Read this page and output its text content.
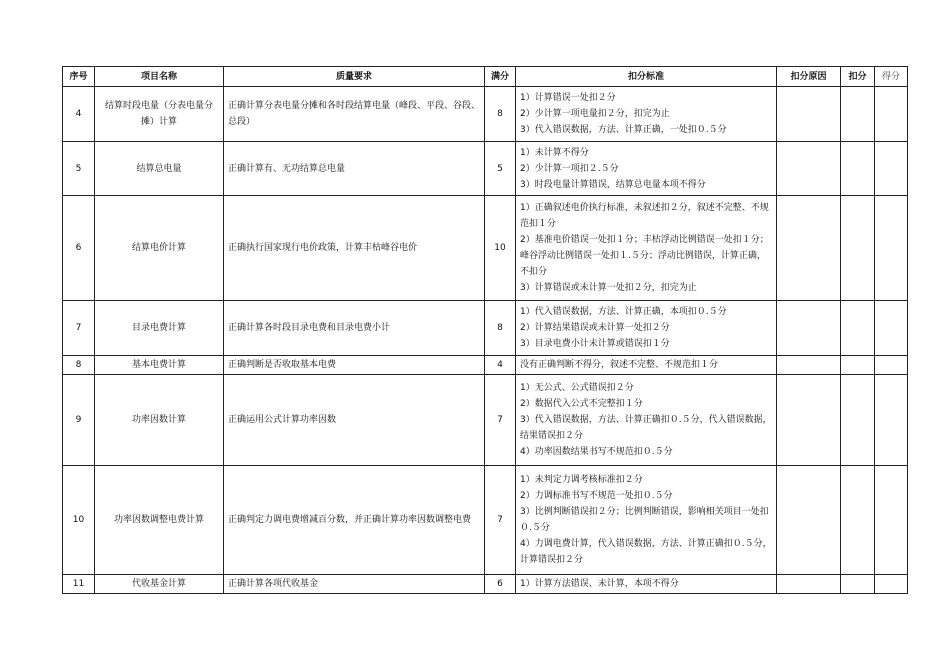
序号	项目名称	质量要求	满分	扣分标准	扣分原因	扣分	得分
4	结算时段电量（分表电量分摊）计算	正确计算分表电量分摊和各时段结算电量（峰段、平段、谷段、总段）	8	1）计算错误一处扣２分
2）少计算一项电量扣２分，扣完为止
3）代入错误数据，方法、计算正确，一处扣０.５分			

5	结算总电量	正确计算有、无功结算总电量	5	1）未计算不得分
2）少计算一项扣２.５分
3）时段电量计算错误，结算总电量本项不得分			

6	结算电价计算	正确执行国家现行电价政策，计算丰枯峰谷电价	10	1）正确叙述电价执行标准，未叙述扣２分，叙述不完整、不规范扣１分
2）基准电价错误一处扣１分；丰枯浮动比例错误一处扣１分；峰谷浮动比例错误一处扣１.５分；浮动比例错误，计算正确，不扣分
3）计算错误或未计算一处扣２分，扣完为止			

7	目录电费计算	正确计算各时段目录电费和目录电费小计	8	1）代入错误数据，方法、计算正确，本项扣０.５分
2）计算结果错误或未计算一处扣２分
3）目录电费小计未计算或错误扣１分			

8	基本电费计算	正确判断是否收取基本电费	4	没有正确判断不得分，叙述不完整、不规范扣１分			

9	功率因数计算	正确运用公式计算功率因数	7	1）无公式、公式错误扣２分
2）数据代入公式不完整扣１分
3）代入错误数据，方法、计算正确扣０.５分，代入错误数据，结果错误扣２分
4）功率因数结果书写不规范扣０.５分			

10	功率因数调整电费计算	正确判定力调电费增减百分数，并正确计算功率因数调整电费	7	1）未判定力调考核标准扣２分
2）力调标准书写不规范一处扣０.５分
3）比例判断错误扣２分；比例判断错误，影响相关项目一处扣０.５分
4）力调电费计算，代入错误数据，方法、计算正确扣０.５分，计算错误扣２分			

11	代收基金计算	正确计算各项代收基金	6	1）计算方法错误、未计算，本项不得分			
